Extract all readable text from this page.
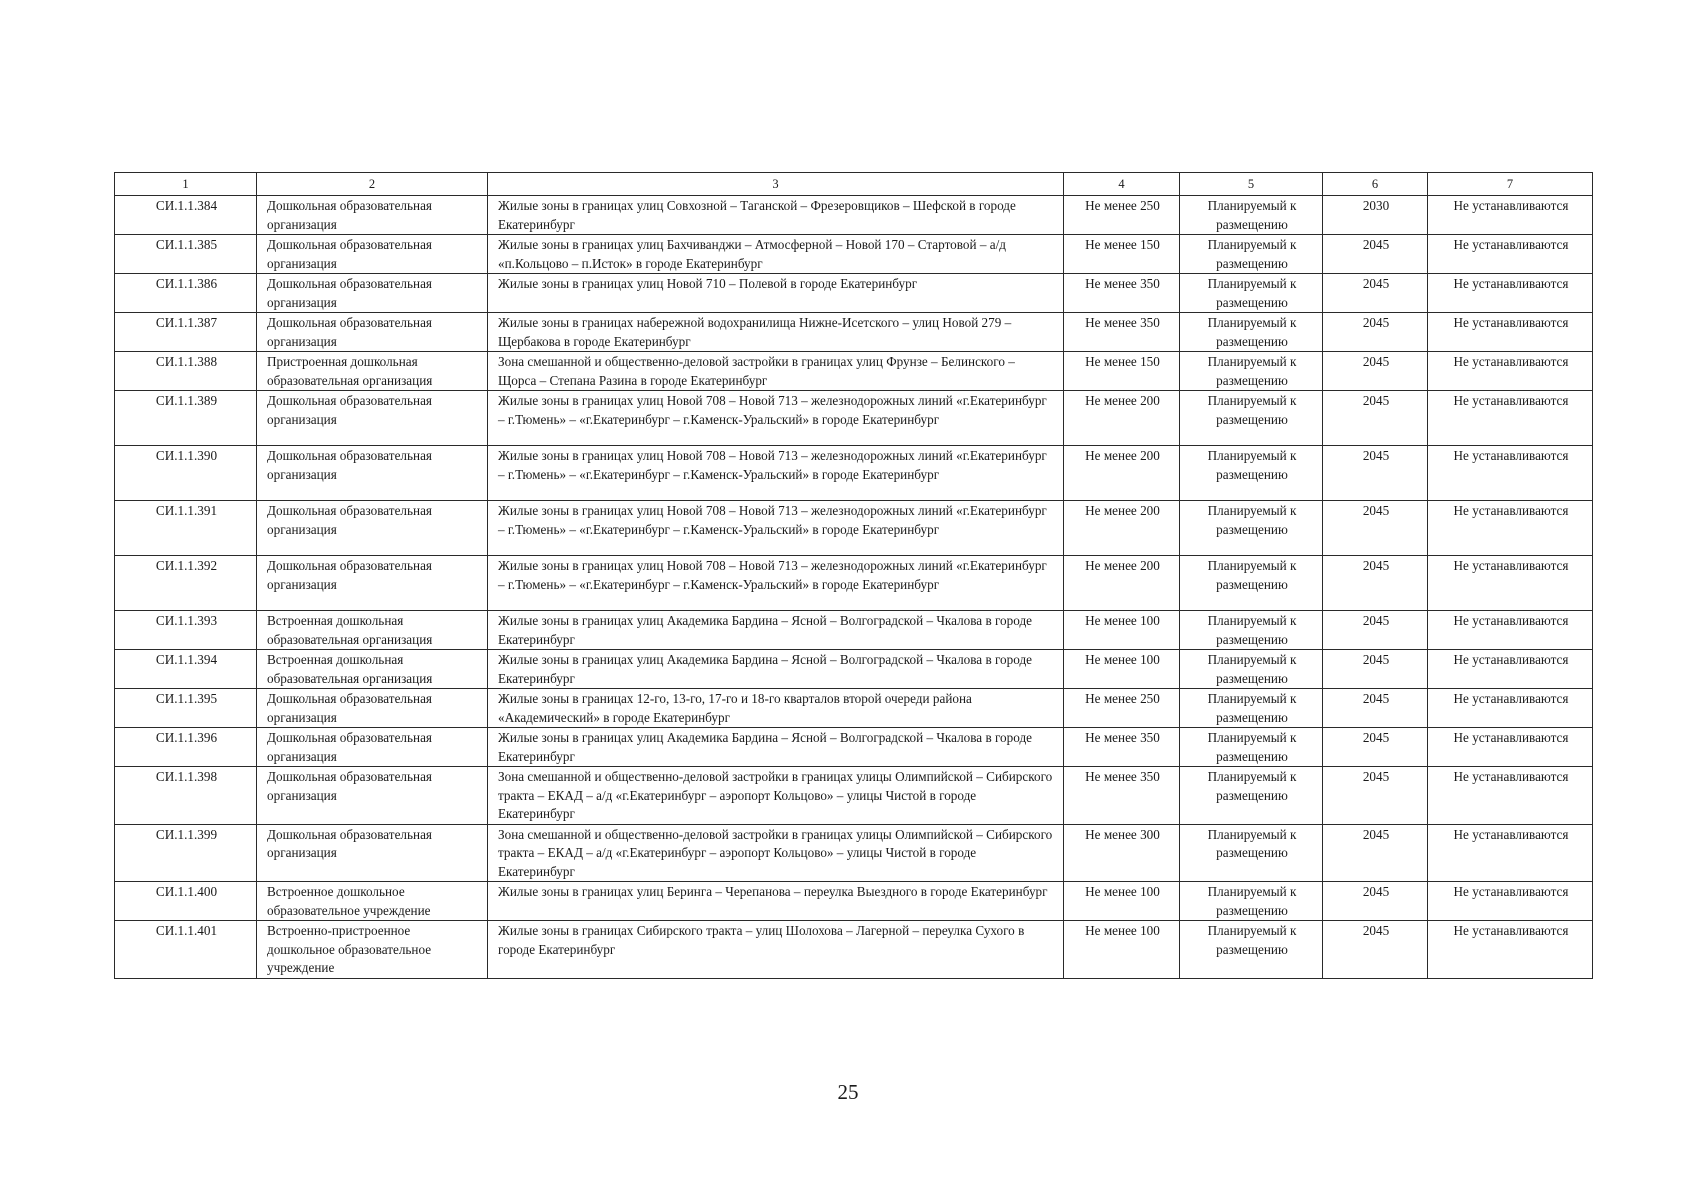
1	2	3	4	5	6	7
СИ.1.1.384	Дошкольная образовательная организация	Жилые зоны в границах улиц Совхозной – Таганской – Фрезеровщиков – Шефской в городе Екатеринбург	Не менее 250	Планируемый к размещению	2030	Не устанавливаются
СИ.1.1.385	Дошкольная образовательная организация	Жилые зоны в границах улиц Бахчиванджи – Атмосферной – Новой 170 – Стартовой – а/д «п.Кольцово – п.Исток» в городе Екатеринбург	Не менее 150	Планируемый к размещению	2045	Не устанавливаются
СИ.1.1.386	Дошкольная образовательная организация	Жилые зоны в границах улиц Новой 710 – Полевой в городе Екатеринбург	Не менее 350	Планируемый к размещению	2045	Не устанавливаются
СИ.1.1.387	Дошкольная образовательная организация	Жилые зоны в границах набережной водохранилища Нижне-Исетского – улиц Новой 279 – Щербакова в городе Екатеринбург	Не менее 350	Планируемый к размещению	2045	Не устанавливаются
СИ.1.1.388	Пристроенная дошкольная образовательная организация	Зона смешанной и общественно-деловой застройки в границах улиц Фрунзе – Белинского – Щорса – Степана Разина в городе Екатеринбург	Не менее 150	Планируемый к размещению	2045	Не устанавливаются
СИ.1.1.389	Дошкольная образовательная организация	Жилые зоны в границах улиц Новой 708 – Новой 713 – железнодорожных линий «г.Екатеринбург – г.Тюмень» – «г.Екатеринбург – г.Каменск-Уральский» в городе Екатеринбург	Не менее 200	Планируемый к размещению	2045	Не устанавливаются
СИ.1.1.390	Дошкольная образовательная организация	Жилые зоны в границах улиц Новой 708 – Новой 713 – железнодорожных линий «г.Екатеринбург – г.Тюмень» – «г.Екатеринбург – г.Каменск-Уральский» в городе Екатеринбург	Не менее 200	Планируемый к размещению	2045	Не устанавливаются
СИ.1.1.391	Дошкольная образовательная организация	Жилые зоны в границах улиц Новой 708 – Новой 713 – железнодорожных линий «г.Екатеринбург – г.Тюмень» – «г.Екатеринбург – г.Каменск-Уральский» в городе Екатеринбург	Не менее 200	Планируемый к размещению	2045	Не устанавливаются
СИ.1.1.392	Дошкольная образовательная организация	Жилые зоны в границах улиц Новой 708 – Новой 713 – железнодорожных линий «г.Екатеринбург – г.Тюмень» – «г.Екатеринбург – г.Каменск-Уральский» в городе Екатеринбург	Не менее 200	Планируемый к размещению	2045	Не устанавливаются
СИ.1.1.393	Встроенная дошкольная образовательная организация	Жилые зоны в границах улиц Академика Бардина – Ясной – Волгоградской – Чкалова в городе Екатеринбург	Не менее 100	Планируемый к размещению	2045	Не устанавливаются
СИ.1.1.394	Встроенная дошкольная образовательная организация	Жилые зоны в границах улиц Академика Бардина – Ясной – Волгоградской – Чкалова в городе Екатеринбург	Не менее 100	Планируемый к размещению	2045	Не устанавливаются
СИ.1.1.395	Дошкольная образовательная организация	Жилые зоны в границах 12-го, 13-го, 17-го и 18-го кварталов второй очереди района «Академический» в городе Екатеринбург	Не менее 250	Планируемый к размещению	2045	Не устанавливаются
СИ.1.1.396	Дошкольная образовательная организация	Жилые зоны в границах улиц Академика Бардина – Ясной – Волгоградской – Чкалова в городе Екатеринбург	Не менее 350	Планируемый к размещению	2045	Не устанавливаются
СИ.1.1.398	Дошкольная образовательная организация	Зона смешанной и общественно-деловой застройки в границах улицы Олимпийской – Сибирского тракта – ЕКАД – а/д «г.Екатеринбург – аэропорт Кольцово» – улицы Чистой в городе Екатеринбург	Не менее 350	Планируемый к размещению	2045	Не устанавливаются
СИ.1.1.399	Дошкольная образовательная организация	Зона смешанной и общественно-деловой застройки в границах улицы Олимпийской – Сибирского тракта – ЕКАД – а/д «г.Екатеринбург – аэропорт Кольцово» – улицы Чистой в городе Екатеринбург	Не менее 300	Планируемый к размещению	2045	Не устанавливаются
СИ.1.1.400	Встроенное дошкольное образовательное учреждение	Жилые зоны в границах улиц Беринга – Черепанова – переулка Выездного в городе Екатеринбург	Не менее 100	Планируемый к размещению	2045	Не устанавливаются
СИ.1.1.401	Встроенно-пристроенное дошкольное образовательное учреждение	Жилые зоны в границах Сибирского тракта – улиц Шолохова – Лагерной – переулка Сухого в городе Екатеринбург	Не менее 100	Планируемый к размещению	2045	Не устанавливаются
25
